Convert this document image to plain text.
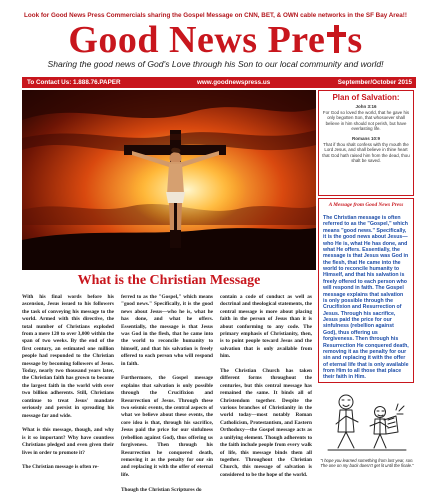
Look for Good News Press Commercials sharing the Gospel Message on CNN, BET, & OWN cable networks in the SF Bay Area!!
Good News Pre s
Sharing the good news of God's Love through his Son to our local community and world!
To Contact Us: 1.888.76.PAPER	www.goodnewspress.us	September/October 2015
Plan of Salvation:
John 3:16
For God so loved the world, that he gave his only begotten Son, that whosoever shall believe in him should not perish, but have everlasting life.
Romans 10:9
That if thou shalt confess with thy mouth the Lord Jesus, and shall believe in thine heart that God hath raised him from the dead, thou shalt be saved.
A Message from Good News Press
The Christian message is often referred to as the "Gospel," which means "good news." Specifically, it is the good news about Jesus—who He is, what He has done, and what He offers. Essentially, the message is that Jesus was God in the flesh, that He came into the world to reconcile humanity to Himself, and that his salvation is freely offered to each person who will respond in faith. The Gospel message explains that salvation is only possible through the Crucifixion and Resurrection of Jesus. Through his sacrifice, Jesus paid the price for our sinfulness (rebellion against God), thus offering us forgiveness. Then through his Resurrection He conquered death, removing it as the penalty for our sin and replacing it with the offer of eternal life that is only available from Him to all those that place their faith in Him.
What is the Christian Message

With his final words before his ascension, Jesus issued to his followers the task of conveying his message to the world. Armed with this directive, the total number of Christians exploded from a mere 120 to over 3,000 within the span of two weeks. By the end of the first century, an estimated one million people had responded to the Christian message by becoming followers of Jesus. Today, nearly two thousand years later, the Christian faith has grown to become the largest faith in the world with over two billion adherents. Still, Christians continue to treat Jesus' mandate seriously and persist in spreading his message far and wide.

What is this message, though, and why is it so important? Why have countless Christians pledged and even given their lives in order to promote it?

The Christian message is often re-

ferred to as the "Gospel," which means "good news." Specifically, it is the good news about Jesus—who he is, what he has done, and what he offers. Essentially, the message is that Jesus was God in the flesh, that he came into the world to reconcile humanity to himself, and that his salvation is freely offered to each person who will respond in faith.

Furthermore, the Gospel message explains that salvation is only possible through the Crucifixion and Resurrection of Jesus. Through these two seismic events, the central aspects of what we believe about these events, the core idea is that, through his sacrifice, Jesus paid the price for our sinfulness (rebellion against God), thus offering us forgiveness. Then through his Resurrection he conquered death, removing it as the penalty for our sin and replacing it with the offer of eternal life.

Though the Christian Scriptures do

contain a code of conduct as well as doctrinal and theological statements, the central message is more about placing faith in the person of Jesus than it is about conforming to any code. The primary emphasis of Christianity, then, is to point people toward Jesus and the salvation that is only available from him.

The Christian Church has taken different forms throughout the centuries, but this central message has remained the same. It binds all of Christendom together. Despite the various branches of Christianity in the world today—most notably Roman Catholicism, Protestantism, and Eastern Orthodoxy—the Gospel message acts as a unifying element. Though adherents to the faith include people from every walk of life, this message binds them all together. Throughout the Christian Church, this message of salvation is considered to be the hope of the world.

"I hope you learned something from last year, son. The one on my back doesn't get lit until the finale."
